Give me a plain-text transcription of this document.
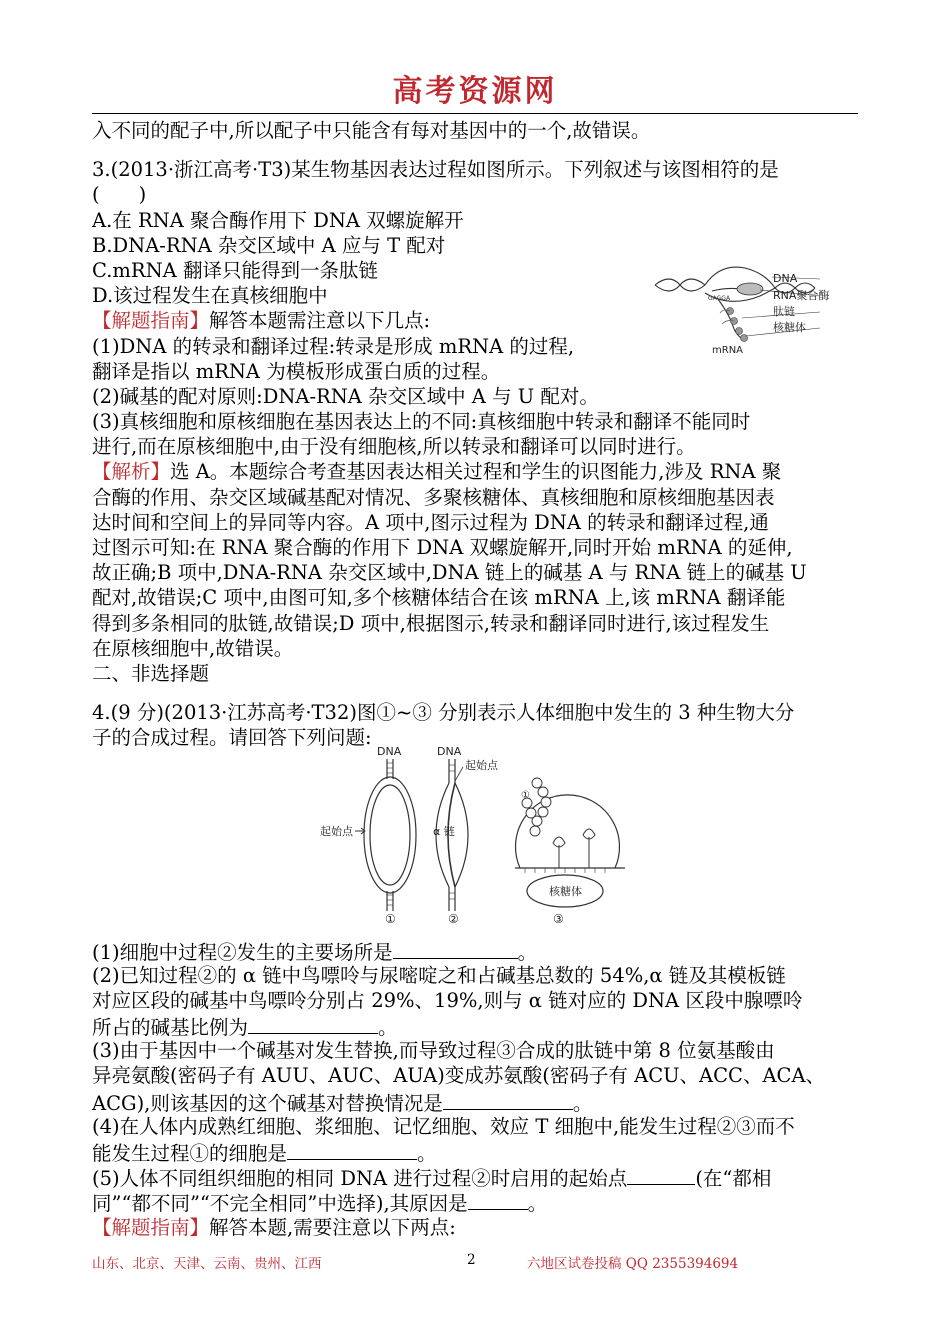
高考资源网
入不同的配子中,所以配子中只能含有每对基因中的一个,故错误。
3.(2013·浙江高考·T3)某生物基因表达过程如图所示。下列叙述与该图相符的是
(　　)
A.在 RNA 聚合酶作用下 DNA 双螺旋解开
B.DNA-RNA 杂交区域中 A 应与 T 配对
C.mRNA 翻译只能得到一条肽链
D.该过程发生在真核细胞中
【解题指南】解答本题需注意以下几点:
(1)DNA 的转录和翻译过程:转录是形成 mRNA 的过程,
翻译是指以 mRNA 为模板形成蛋白质的过程。
(2)碱基的配对原则:DNA-RNA 杂交区域中 A 与 U 配对。
(3)真核细胞和原核细胞在基因表达上的不同:真核细胞中转录和翻译不能同时
进行,而在原核细胞中,由于没有细胞核,所以转录和翻译可以同时进行。
【解析】选 A。本题综合考查基因表达相关过程和学生的识图能力,涉及 RNA 聚
合酶的作用、杂交区域碱基配对情况、多聚核糖体、真核细胞和原核细胞基因表
达时间和空间上的异同等内容。A 项中,图示过程为 DNA 的转录和翻译过程,通
过图示可知:在 RNA 聚合酶的作用下 DNA 双螺旋解开,同时开始 mRNA 的延伸,
故正确;B 项中,DNA-RNA 杂交区域中,DNA 链上的碱基 A 与 RNA 链上的碱基 U
配对,故错误;C 项中,由图可知,多个核糖体结合在该 mRNA 上,该 mRNA 翻译能
得到多条相同的肽链,故错误;D 项中,根据图示,转录和翻译同时进行,该过程发生
在原核细胞中,故错误。
二、非选择题
4.(9 分)(2013·江苏高考·T32)图①~③ 分别表示人体细胞中发生的 3 种生物大分
子的合成过程。请回答下列问题:
(1)细胞中过程②发生的主要场所是	。
(2)已知过程②的 α 链中鸟嘌呤与尿嘧啶之和占碱基总数的 54%,α 链及其模板链
对应区段的碱基中鸟嘌呤分别占 29%、19%,则与 α 链对应的 DNA 区段中腺嘌呤
所占的碱基比例为	。
(3)由于基因中一个碱基对发生替换,而导致过程③合成的肽链中第 8 位氨基酸由
异亮氨酸(密码子有 AUU、AUC、AUA)变成苏氨酸(密码子有 ACU、ACC、ACA、
ACG),则该基因的这个碱基对替换情况是	。
(4)在人体内成熟红细胞、浆细胞、记忆细胞、效应 T 细胞中,能发生过程②③而不
能发生过程①的细胞是	。
(5)人体不同组织细胞的相同 DNA 进行过程②时启用的起始点	(在“都相
同”“都不同”“不完全相同”中选择),其原因是	。
【解题指南】解答本题,需要注意以下两点:
GAGGA
DNA
RNA聚合酶
肽链
核糖体
mRNA
DNA
起始点
①
DNA
起始点
α 链
②
核糖体
①
③
山东、北京、天津、云南、贵州、江西	2	六地区试卷投稿 QQ 2355394694
